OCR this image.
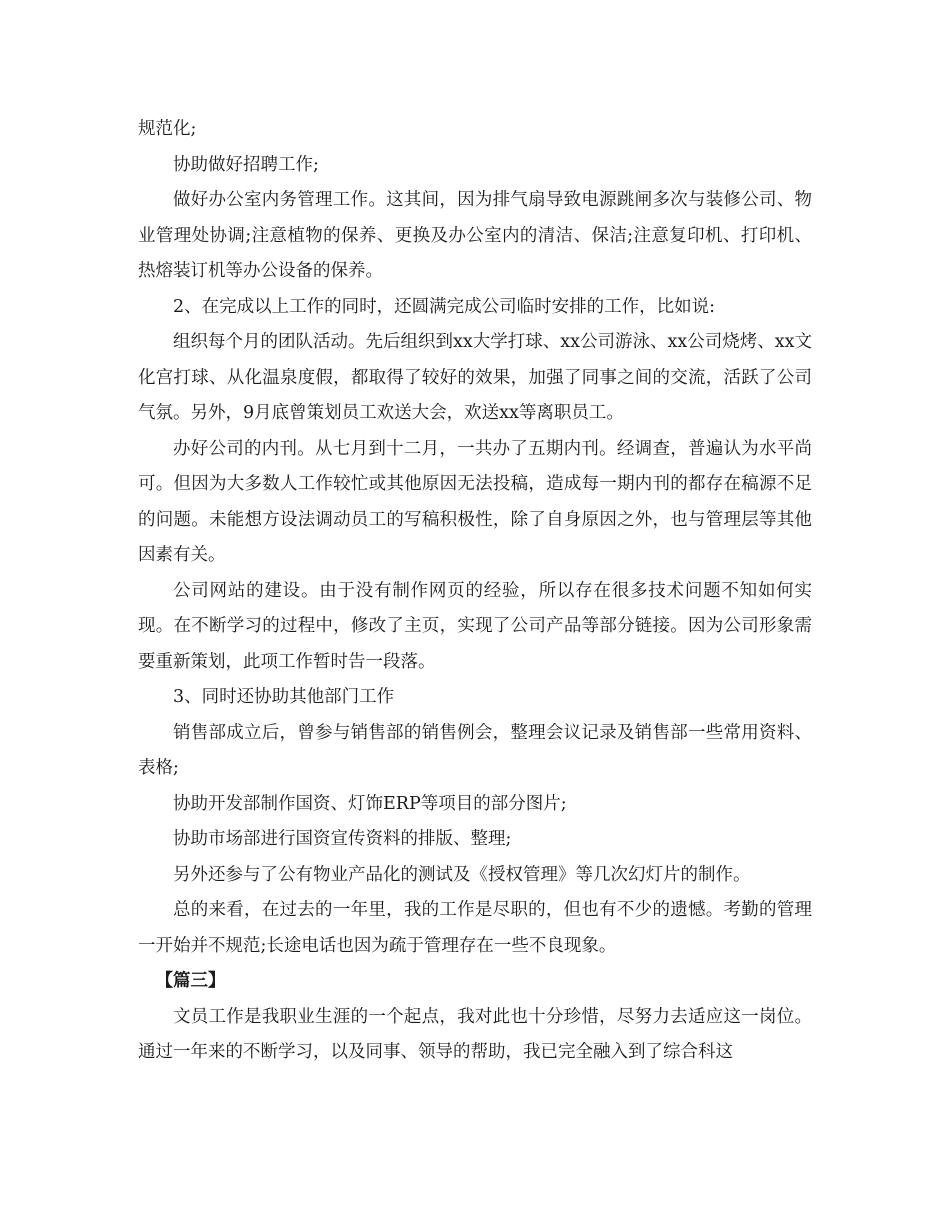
规范化;

协助做好招聘工作;

做好办公室内务管理工作。这其间，因为排气扇导致电源跳闸多次与装修公司、物业管理处协调;注意植物的保养、更换及办公室内的清洁、保洁;注意复印机、打印机、热熔装订机等办公设备的保养。

2、在完成以上工作的同时，还圆满完成公司临时安排的工作，比如说:

组织每个月的团队活动。先后组织到xx大学打球、xx公司游泳、xx公司烧烤、xx文化宫打球、从化温泉度假，都取得了较好的效果，加强了同事之间的交流，活跃了公司气氛。另外，9月底曾策划员工欢送大会，欢送xx等离职员工。

办好公司的内刊。从七月到十二月，一共办了五期内刊。经调查，普遍认为水平尚可。但因为大多数人工作较忙或其他原因无法投稿，造成每一期内刊的都存在稿源不足的问题。未能想方设法调动员工的写稿积极性，除了自身原因之外，也与管理层等其他因素有关。

公司网站的建设。由于没有制作网页的经验，所以存在很多技术问题不知如何实现。在不断学习的过程中，修改了主页，实现了公司产品等部分链接。因为公司形象需要重新策划，此项工作暂时告一段落。

3、同时还协助其他部门工作

销售部成立后，曾参与销售部的销售例会，整理会议记录及销售部一些常用资料、表格;

协助开发部制作国资、灯饰ERP等项目的部分图片;

协助市场部进行国资宣传资料的排版、整理;

另外还参与了公有物业产品化的测试及《授权管理》等几次幻灯片的制作。

总的来看，在过去的一年里，我的工作是尽职的，但也有不少的遗憾。考勤的管理一开始并不规范;长途电话也因为疏于管理存在一些不良现象。

【篇三】

文员工作是我职业生涯的一个起点，我对此也十分珍惜，尽努力去适应这一岗位。通过一年来的不断学习，以及同事、领导的帮助，我已完全融入到了综合科这
